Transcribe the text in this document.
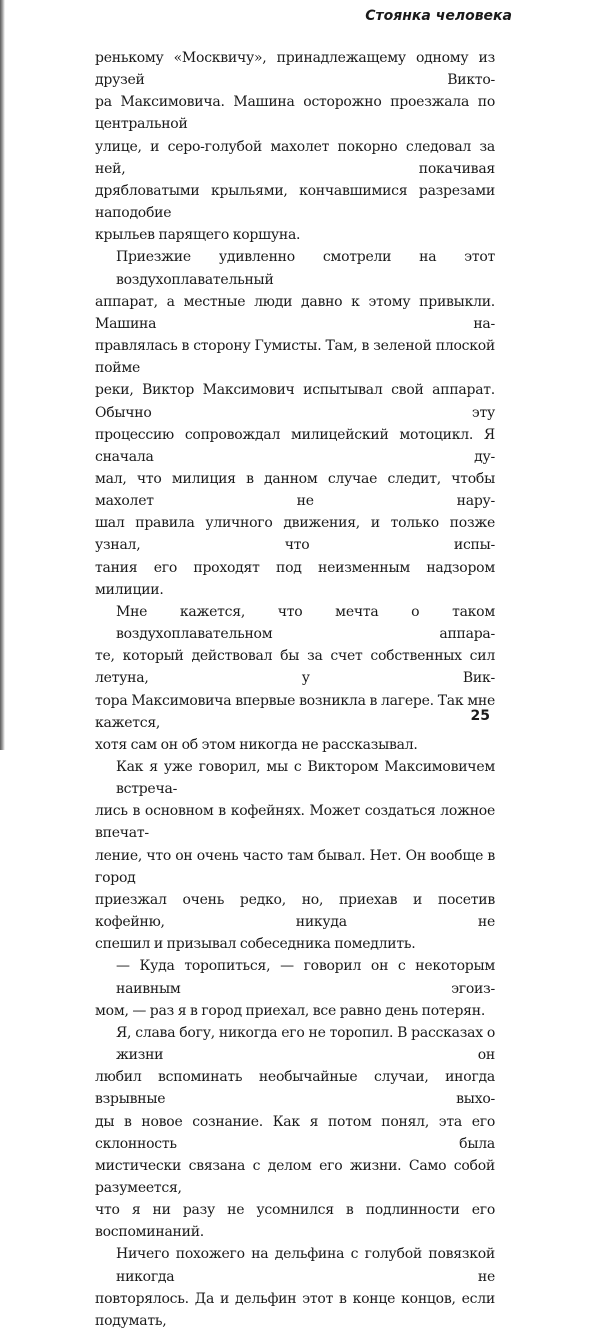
Стоянка человека

ренькому «Москвичу», принадлежащему одному из друзей Викто-
ра Максимовича. Машина осторожно проезжала по центральной
улице, и серо-голубой махолет покорно следовал за ней, покачивая
дрябловатыми крыльями, кончавшимися разрезами наподобие
крыльев парящего коршуна.
Приезжие удивленно смотрели на этот воздухоплавательный
аппарат, а местные люди давно к этому привыкли. Машина на-
правлялась в сторону Гумисты. Там, в зеленой плоской пойме
реки, Виктор Максимович испытывал свой аппарат. Обычно эту
процессию сопровождал милицейский мотоцикл. Я сначала ду-
мал, что милиция в данном случае следит, чтобы махолет не нару-
шал правила уличного движения, и только позже узнал, что испы-
тания его проходят под неизменным надзором милиции.
Мне кажется, что мечта о таком воздухоплавательном аппара-
те, который действовал бы за счет собственных сил летуна, у Вик-
тора Максимовича впервые возникла в лагере. Так мне кажется,
хотя сам он об этом никогда не рассказывал.
Как я уже говорил, мы с Виктором Максимовичем встреча-
лись в основном в кофейнях. Может создаться ложное впечат-
ление, что он очень часто там бывал. Нет. Он вообще в город
приезжал очень редко, но, приехав и посетив кофейню, никуда не
спешил и призывал собеседника помедлить.
— Куда торопиться, — говорил он с некоторым наивным эгоиз-
мом, — раз я в город приехал, все равно день потерян.
Я, слава богу, никогда его не торопил. В рассказах о жизни он
любил вспоминать необычайные случаи, иногда взрывные выхо-
ды в новое сознание. Как я потом понял, эта его склонность была
мистически связана с делом его жизни. Само собой разумеется,
что я ни разу не усомнился в подлинности его воспоминаний.
Ничего похожего на дельфина с голубой повязкой никогда не
повторялось. Да и дельфин этот в конце концов, если подумать,

25
